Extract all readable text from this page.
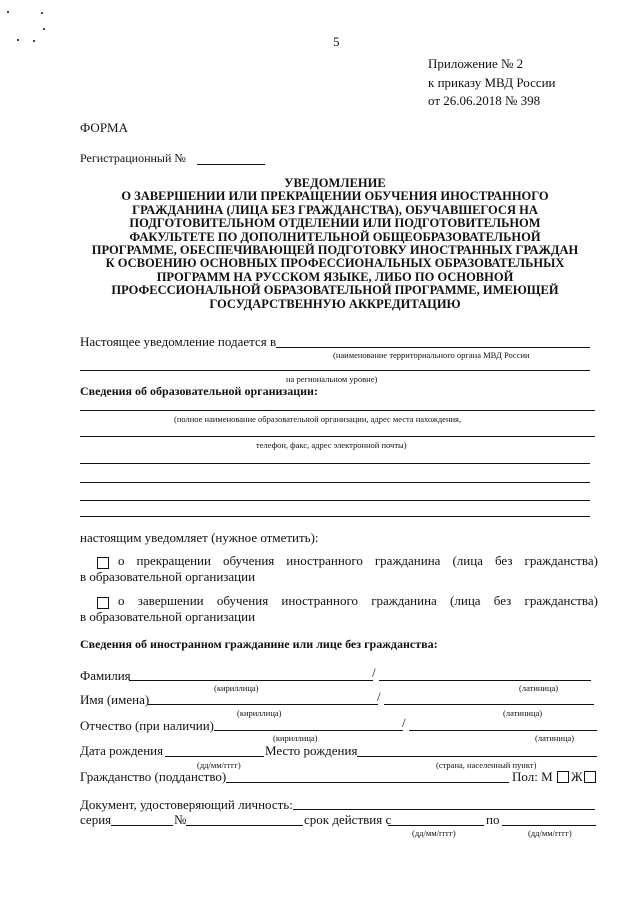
5
Приложение № 2
к приказу МВД России
от 26.06.2018 № 398
ФОРМА
Регистрационный №
УВЕДОМЛЕНИЕ
О ЗАВЕРШЕНИИ ИЛИ ПРЕКРАЩЕНИИ ОБУЧЕНИЯ ИНОСТРАННОГО
ГРАЖДАНИНА (ЛИЦА БЕЗ ГРАЖДАНСТВА), ОБУЧАВШЕГОСЯ НА
ПОДГОТОВИТЕЛЬНОМ ОТДЕЛЕНИИ ИЛИ ПОДГОТОВИТЕЛЬНОМ
ФАКУЛЬТЕТЕ ПО ДОПОЛНИТЕЛЬНОЙ ОБЩЕОБРАЗОВАТЕЛЬНОЙ
ПРОГРАММЕ, ОБЕСПЕЧИВАЮЩЕЙ ПОДГОТОВКУ ИНОСТРАННЫХ ГРАЖДАН
К ОСВОЕНИЮ ОСНОВНЫХ ПРОФЕССИОНАЛЬНЫХ ОБРАЗОВАТЕЛЬНЫХ
ПРОГРАММ НА РУССКОМ ЯЗЫКЕ, ЛИБО ПО ОСНОВНОЙ
ПРОФЕССИОНАЛЬНОЙ ОБРАЗОВАТЕЛЬНОЙ ПРОГРАММЕ, ИМЕЮЩЕЙ
ГОСУДАРСТВЕННУЮ АККРЕДИТАЦИЮ
Настоящее уведомление подается в
(наименование территориального органа МВД России
на региональном уровне)
Сведения об образовательной организации:
(полное наименование образовательной организации, адрес места нахождения,
телефон, факс, адрес электронной почты)
настоящим уведомляет (нужное отметить):
о прекращении обучения иностранного гражданина (лица без гражданства)
в образовательной организации
о завершении обучения иностранного гражданина (лица без гражданства)
в образовательной организации
Сведения об иностранном гражданине или лице без гражданства:
Фамилия	/
(кириллица)	(латиница)
Имя (имена)	/
(кириллица)	(латиница)
Отчество (при наличии)	/
(кириллица)	(латиница)
Дата рождения	Место рождения
(дд/мм/гггг)	(страна, населенный пункт)
Гражданство (подданство)	Пол: М Ж
Документ, удостоверяющий личность:
серия	№	срок действия с	по
(дд/мм/гггг)	(дд/мм/гггг)
